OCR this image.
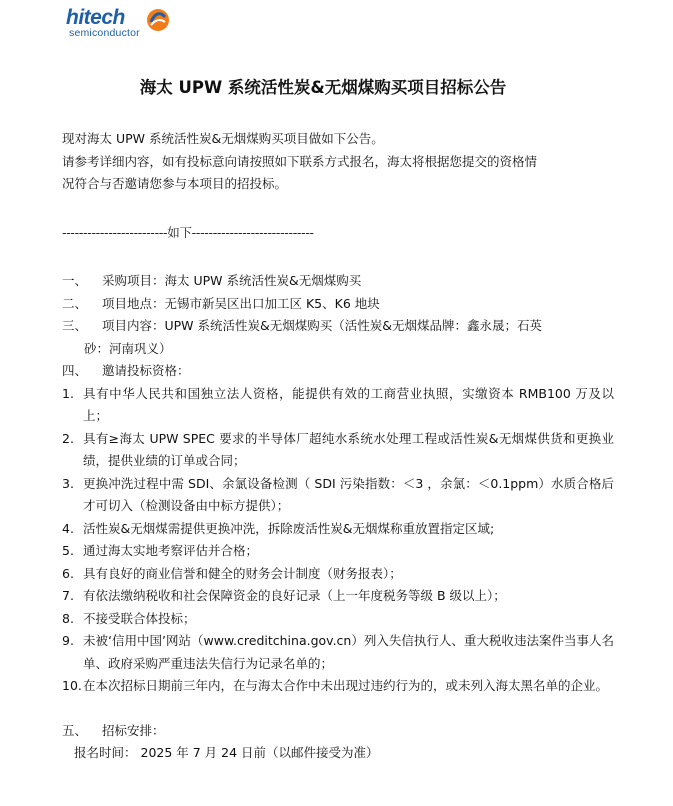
hitech
semiconductor
海太 UPW 系统活性炭&无烟煤购买项目招标公告

现对海太 UPW 系统活性炭&无烟煤购买项目做如下公告。

请参考详细内容，如有投标意向请按照如下联系方式报名，海太将根据您提交的资格情

况符合与否邀请您参与本项目的招投标。

-------------------------如下-----------------------------

一、	采购项目：海太 UPW 系统活性炭&无烟煤购买
二、	项目地点：无锡市新吴区出口加工区 K5、K6 地块
三、	项目内容：UPW 系统活性炭&无烟煤购买（活性炭&无烟煤品牌：鑫永晟；石英
砂：河南巩义）
四、	邀请投标资格：
1. 具有中华人民共和国独立法人资格，能提供有效的工商营业执照，实缴资本 RMB100 万及以上；
2. 具有≥海太 UPW SPEC 要求的半导体厂超纯水系统水处理工程或活性炭&无烟煤供货和更换业绩，提供业绩的订单或合同；
3. 更换冲洗过程中需 SDI、余氯设备检测（ SDI 污染指数：＜3 ，余氯：＜0.1ppm）水质合格后才可切入（检测设备由中标方提供）；
4. 活性炭&无烟煤需提供更换冲洗，拆除废活性炭&无烟煤称重放置指定区域;
5. 通过海太实地考察评估并合格；
6. 具有良好的商业信誉和健全的财务会计制度（财务报表）；
7. 有依法缴纳税收和社会保障资金的良好记录（上一年度税务等级 B 级以上）；
8. 不接受联合体投标；
9. 未被‘信用中国’网站（www.creditchina.gov.cn）列入失信执行人、重大税收违法案件当事人名单、政府采购严重违法失信行为记录名单的；
10. 在本次招标日期前三年内，在与海太合作中未出现过违约行为的，或未列入海太黑名单的企业。
五、	招标安排：

报名时间： 2025 年 7 月 24 日前（以邮件接受为准）
